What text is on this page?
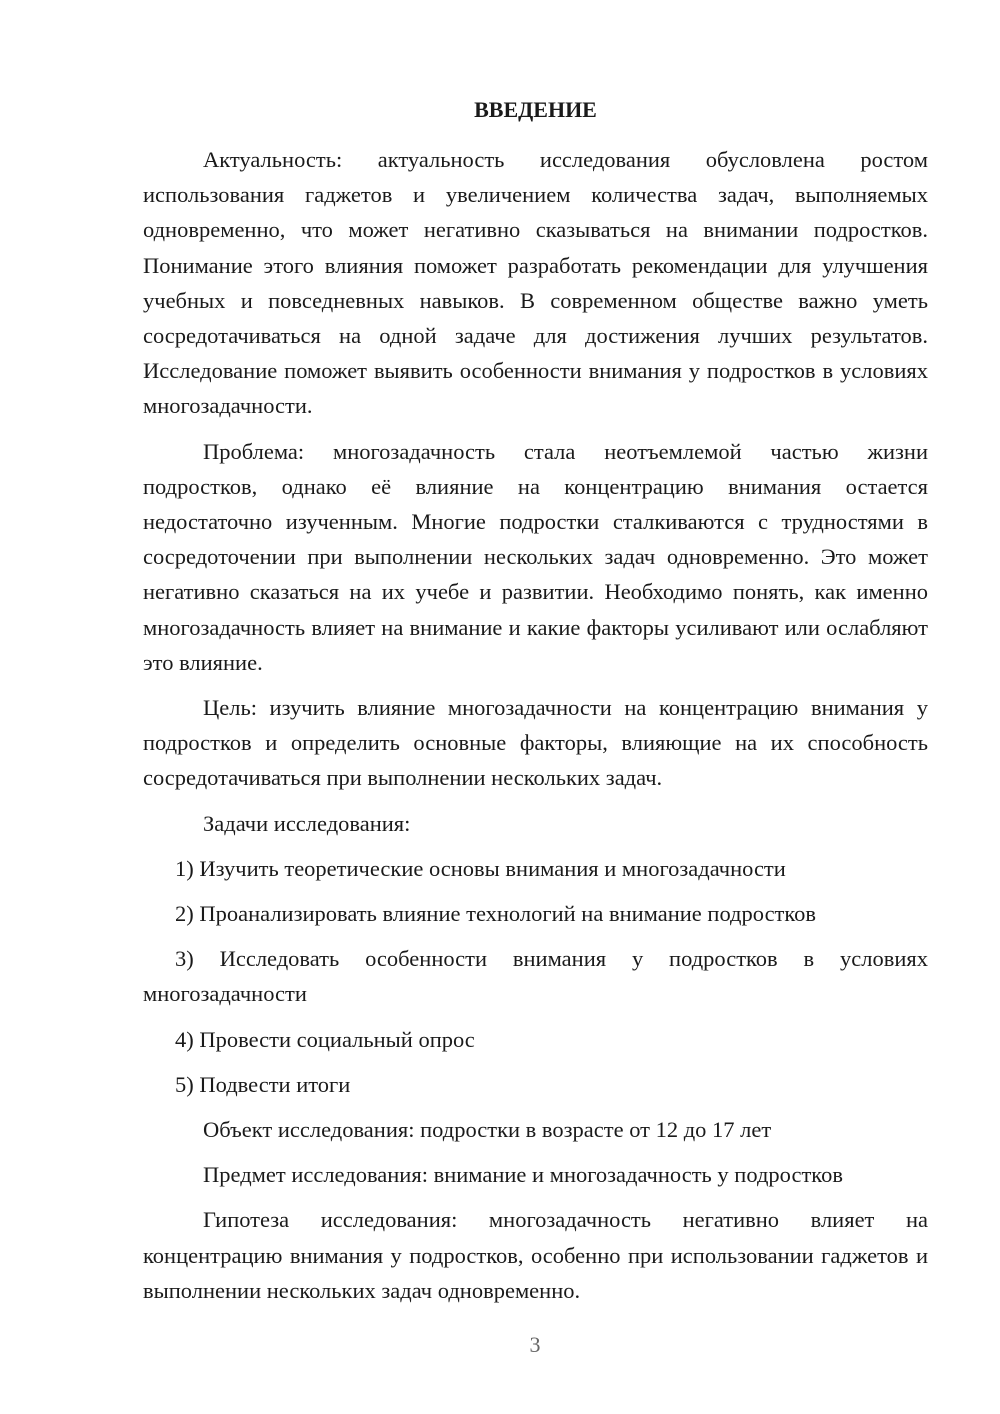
ВВЕДЕНИЕ

Актуальность: актуальность исследования обусловлена ростом использования гаджетов и увеличением количества задач, выполняемых одновременно, что может негативно сказываться на внимании подростков. Понимание этого влияния поможет разработать рекомендации для улучшения учебных и повседневных навыков. В современном обществе важно уметь сосредотачиваться на одной задаче для достижения лучших результатов. Исследование поможет выявить особенности внимания у подростков в условиях многозадачности.

Проблема: многозадачность стала неотъемлемой частью жизни подростков, однако её влияние на концентрацию внимания остается недостаточно изученным. Многие подростки сталкиваются с трудностями в сосредоточении при выполнении нескольких задач одновременно. Это может негативно сказаться на их учебе и развитии. Необходимо понять, как именно многозадачность влияет на внимание и какие факторы усиливают или ослабляют это влияние.

Цель: изучить влияние многозадачности на концентрацию внимания у подростков и определить основные факторы, влияющие на их способность сосредотачиваться при выполнении нескольких задач.

Задачи исследования:

1) Изучить теоретические основы внимания и многозадачности

2) Проанализировать влияние технологий на внимание подростков

3) Исследовать особенности внимания у подростков в условиях многозадачности

4) Провести социальный опрос

5) Подвести итоги

Объект исследования: подростки в возрасте от 12 до 17 лет

Предмет исследования: внимание и многозадачность у подростков

Гипотеза исследования: многозадачность негативно влияет на концентрацию внимания у подростков, особенно при использовании гаджетов и выполнении нескольких задач одновременно.

3
